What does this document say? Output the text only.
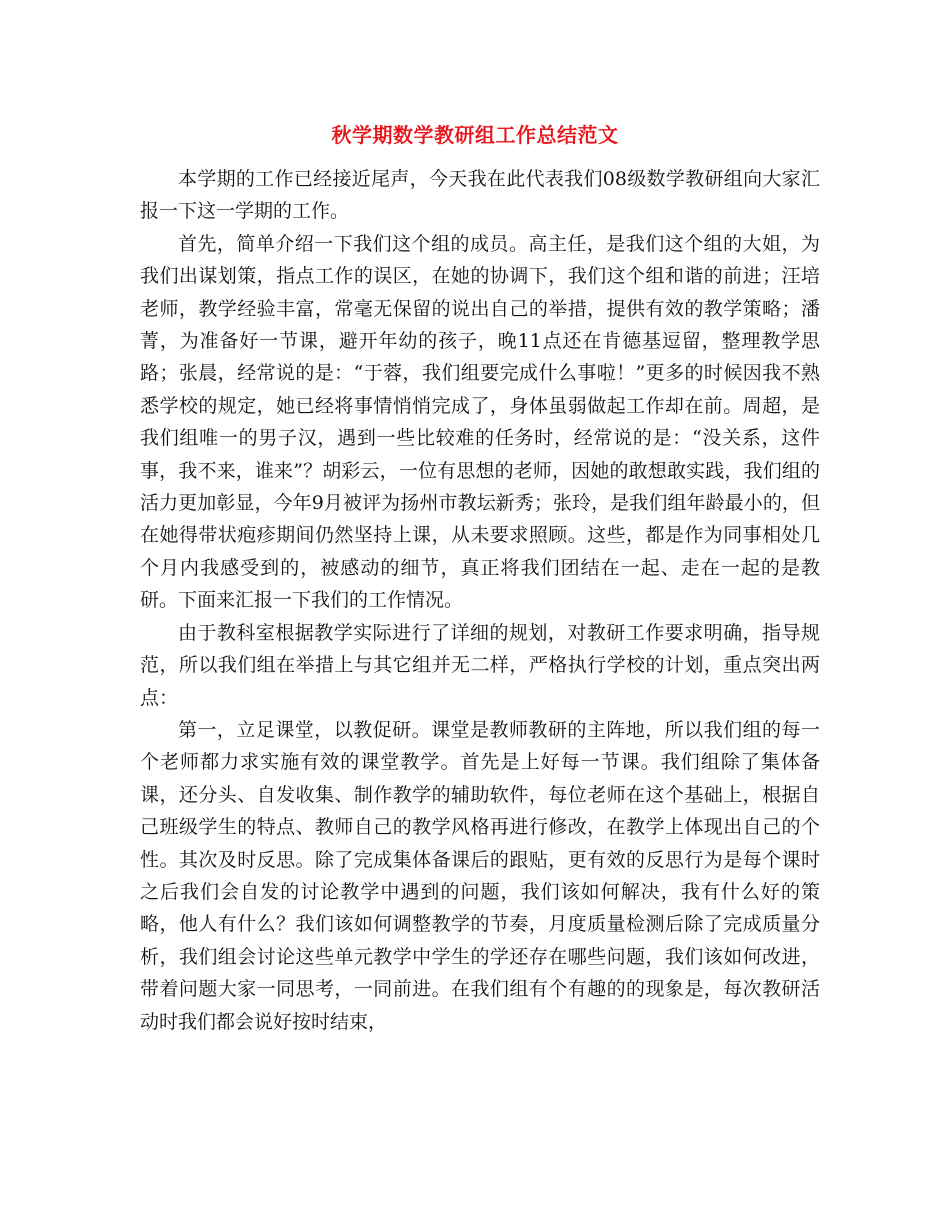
秋学期数学教研组工作总结范文

本学期的工作已经接近尾声，今天我在此代表我们08级数学教研组向大家汇报一下这一学期的工作。

首先，简单介绍一下我们这个组的成员。高主任，是我们这个组的大姐，为我们出谋划策，指点工作的误区，在她的协调下，我们这个组和谐的前进；汪培老师，教学经验丰富，常毫无保留的说出自己的举措，提供有效的教学策略；潘菁，为准备好一节课，避开年幼的孩子，晚11点还在肯德基逗留，整理教学思路；张晨，经常说的是：“于蓉，我们组要完成什么事啦！”更多的时候因我不熟悉学校的规定，她已经将事情悄悄完成了，身体虽弱做起工作却在前。周超，是我们组唯一的男子汉，遇到一些比较难的任务时，经常说的是：“没关系，这件事，我不来，谁来”？胡彩云，一位有思想的老师，因她的敢想敢实践，我们组的活力更加彰显，今年9月被评为扬州市教坛新秀；张玲，是我们组年龄最小的，但在她得带状疱疹期间仍然坚持上课，从未要求照顾。这些，都是作为同事相处几个月内我感受到的，被感动的细节，真正将我们团结在一起、走在一起的是教研。下面来汇报一下我们的工作情况。

由于教科室根据教学实际进行了详细的规划，对教研工作要求明确，指导规范，所以我们组在举措上与其它组并无二样，严格执行学校的计划，重点突出两点：

第一，立足课堂，以教促研。课堂是教师教研的主阵地，所以我们组的每一个老师都力求实施有效的课堂教学。首先是上好每一节课。我们组除了集体备课，还分头、自发收集、制作教学的辅助软件，每位老师在这个基础上，根据自己班级学生的特点、教师自己的教学风格再进行修改，在教学上体现出自己的个性。其次及时反思。除了完成集体备课后的跟贴，更有效的反思行为是每个课时之后我们会自发的讨论教学中遇到的问题，我们该如何解决，我有什么好的策略，他人有什么？我们该如何调整教学的节奏，月度质量检测后除了完成质量分析，我们组会讨论这些单元教学中学生的学还存在哪些问题，我们该如何改进，带着问题大家一同思考，一同前进。在我们组有个有趣的的现象是，每次教研活动时我们都会说好按时结束，
